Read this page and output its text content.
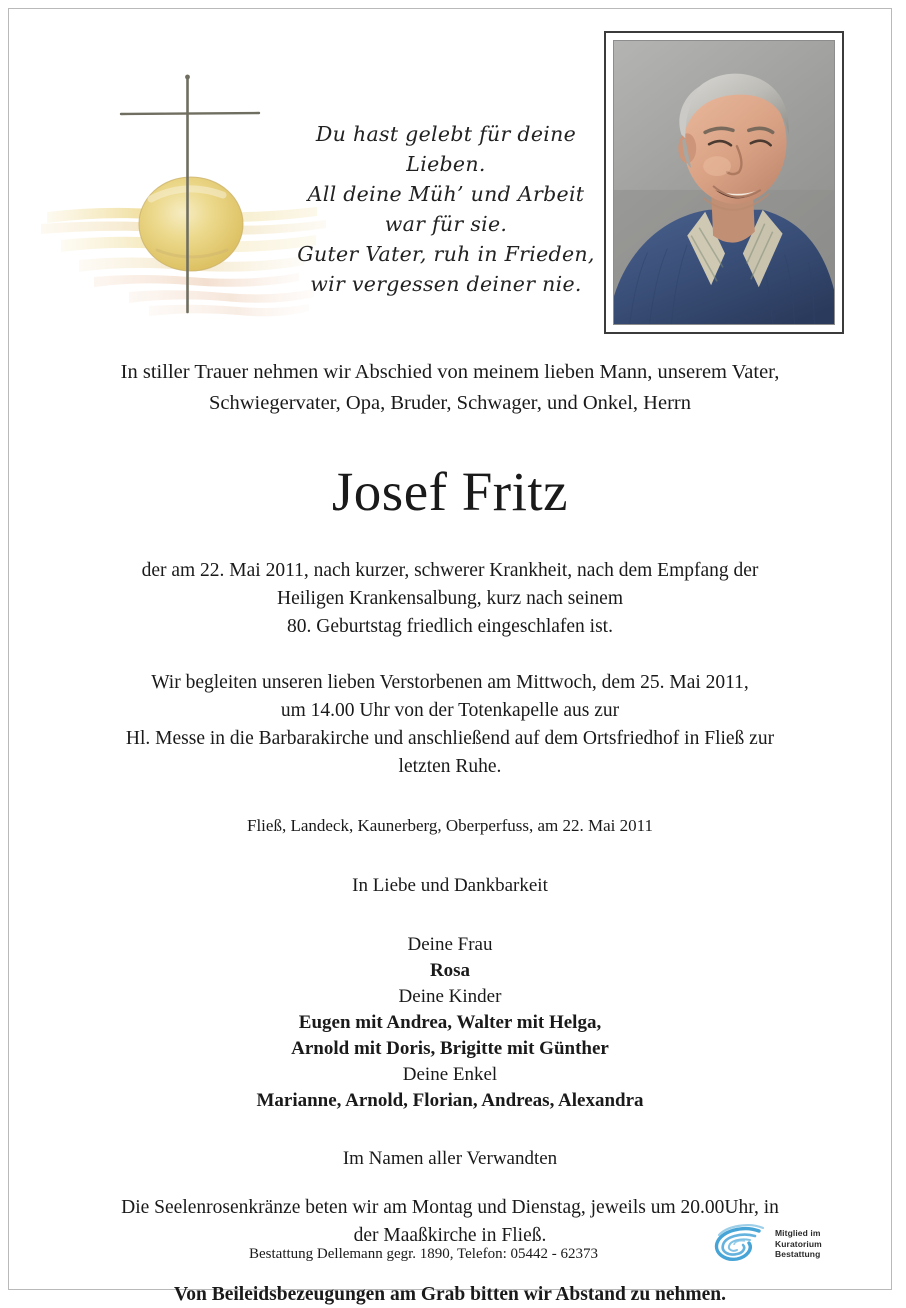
Du hast gelebt für deine
Lieben.
All deine Müh’ und Arbeit
war für sie.
Guter Vater, ruh in Frieden,
wir vergessen deiner nie.
In stiller Trauer nehmen wir Abschied von meinem lieben Mann, unserem Vater,
Schwiegervater, Opa, Bruder, Schwager, und Onkel, Herrn
Josef Fritz
der am 22. Mai 2011, nach kurzer, schwerer Krankheit, nach dem Empfang der
Heiligen Krankensalbung, kurz nach seinem
80. Geburtstag friedlich eingeschlafen ist.
Wir begleiten unseren lieben Verstorbenen am Mittwoch, dem 25. Mai 2011,
um 14.00 Uhr von der Totenkapelle aus zur
Hl. Messe in die Barbarakirche und anschließend auf dem Ortsfriedhof in Fließ zur
letzten Ruhe.
Fließ, Landeck, Kaunerberg, Oberperfuss, am 22. Mai 2011
In Liebe und Dankbarkeit
Deine Frau
Rosa
Deine Kinder
Eugen mit Andrea, Walter mit Helga,
Arnold mit Doris, Brigitte mit Günther
Deine Enkel
Marianne, Arnold, Florian, Andreas, Alexandra
Im Namen aller Verwandten
Die Seelenrosenkränze beten wir am Montag und Dienstag, jeweils um 20.00Uhr, in
der Maaßkirche in Fließ.
Von Beileidsbezeugungen am Grab bitten wir Abstand zu nehmen.
Bestattung Dellemann gegr. 1890, Telefon: 05442 - 62373
Mitglied im
Kuratorium Bestattung
